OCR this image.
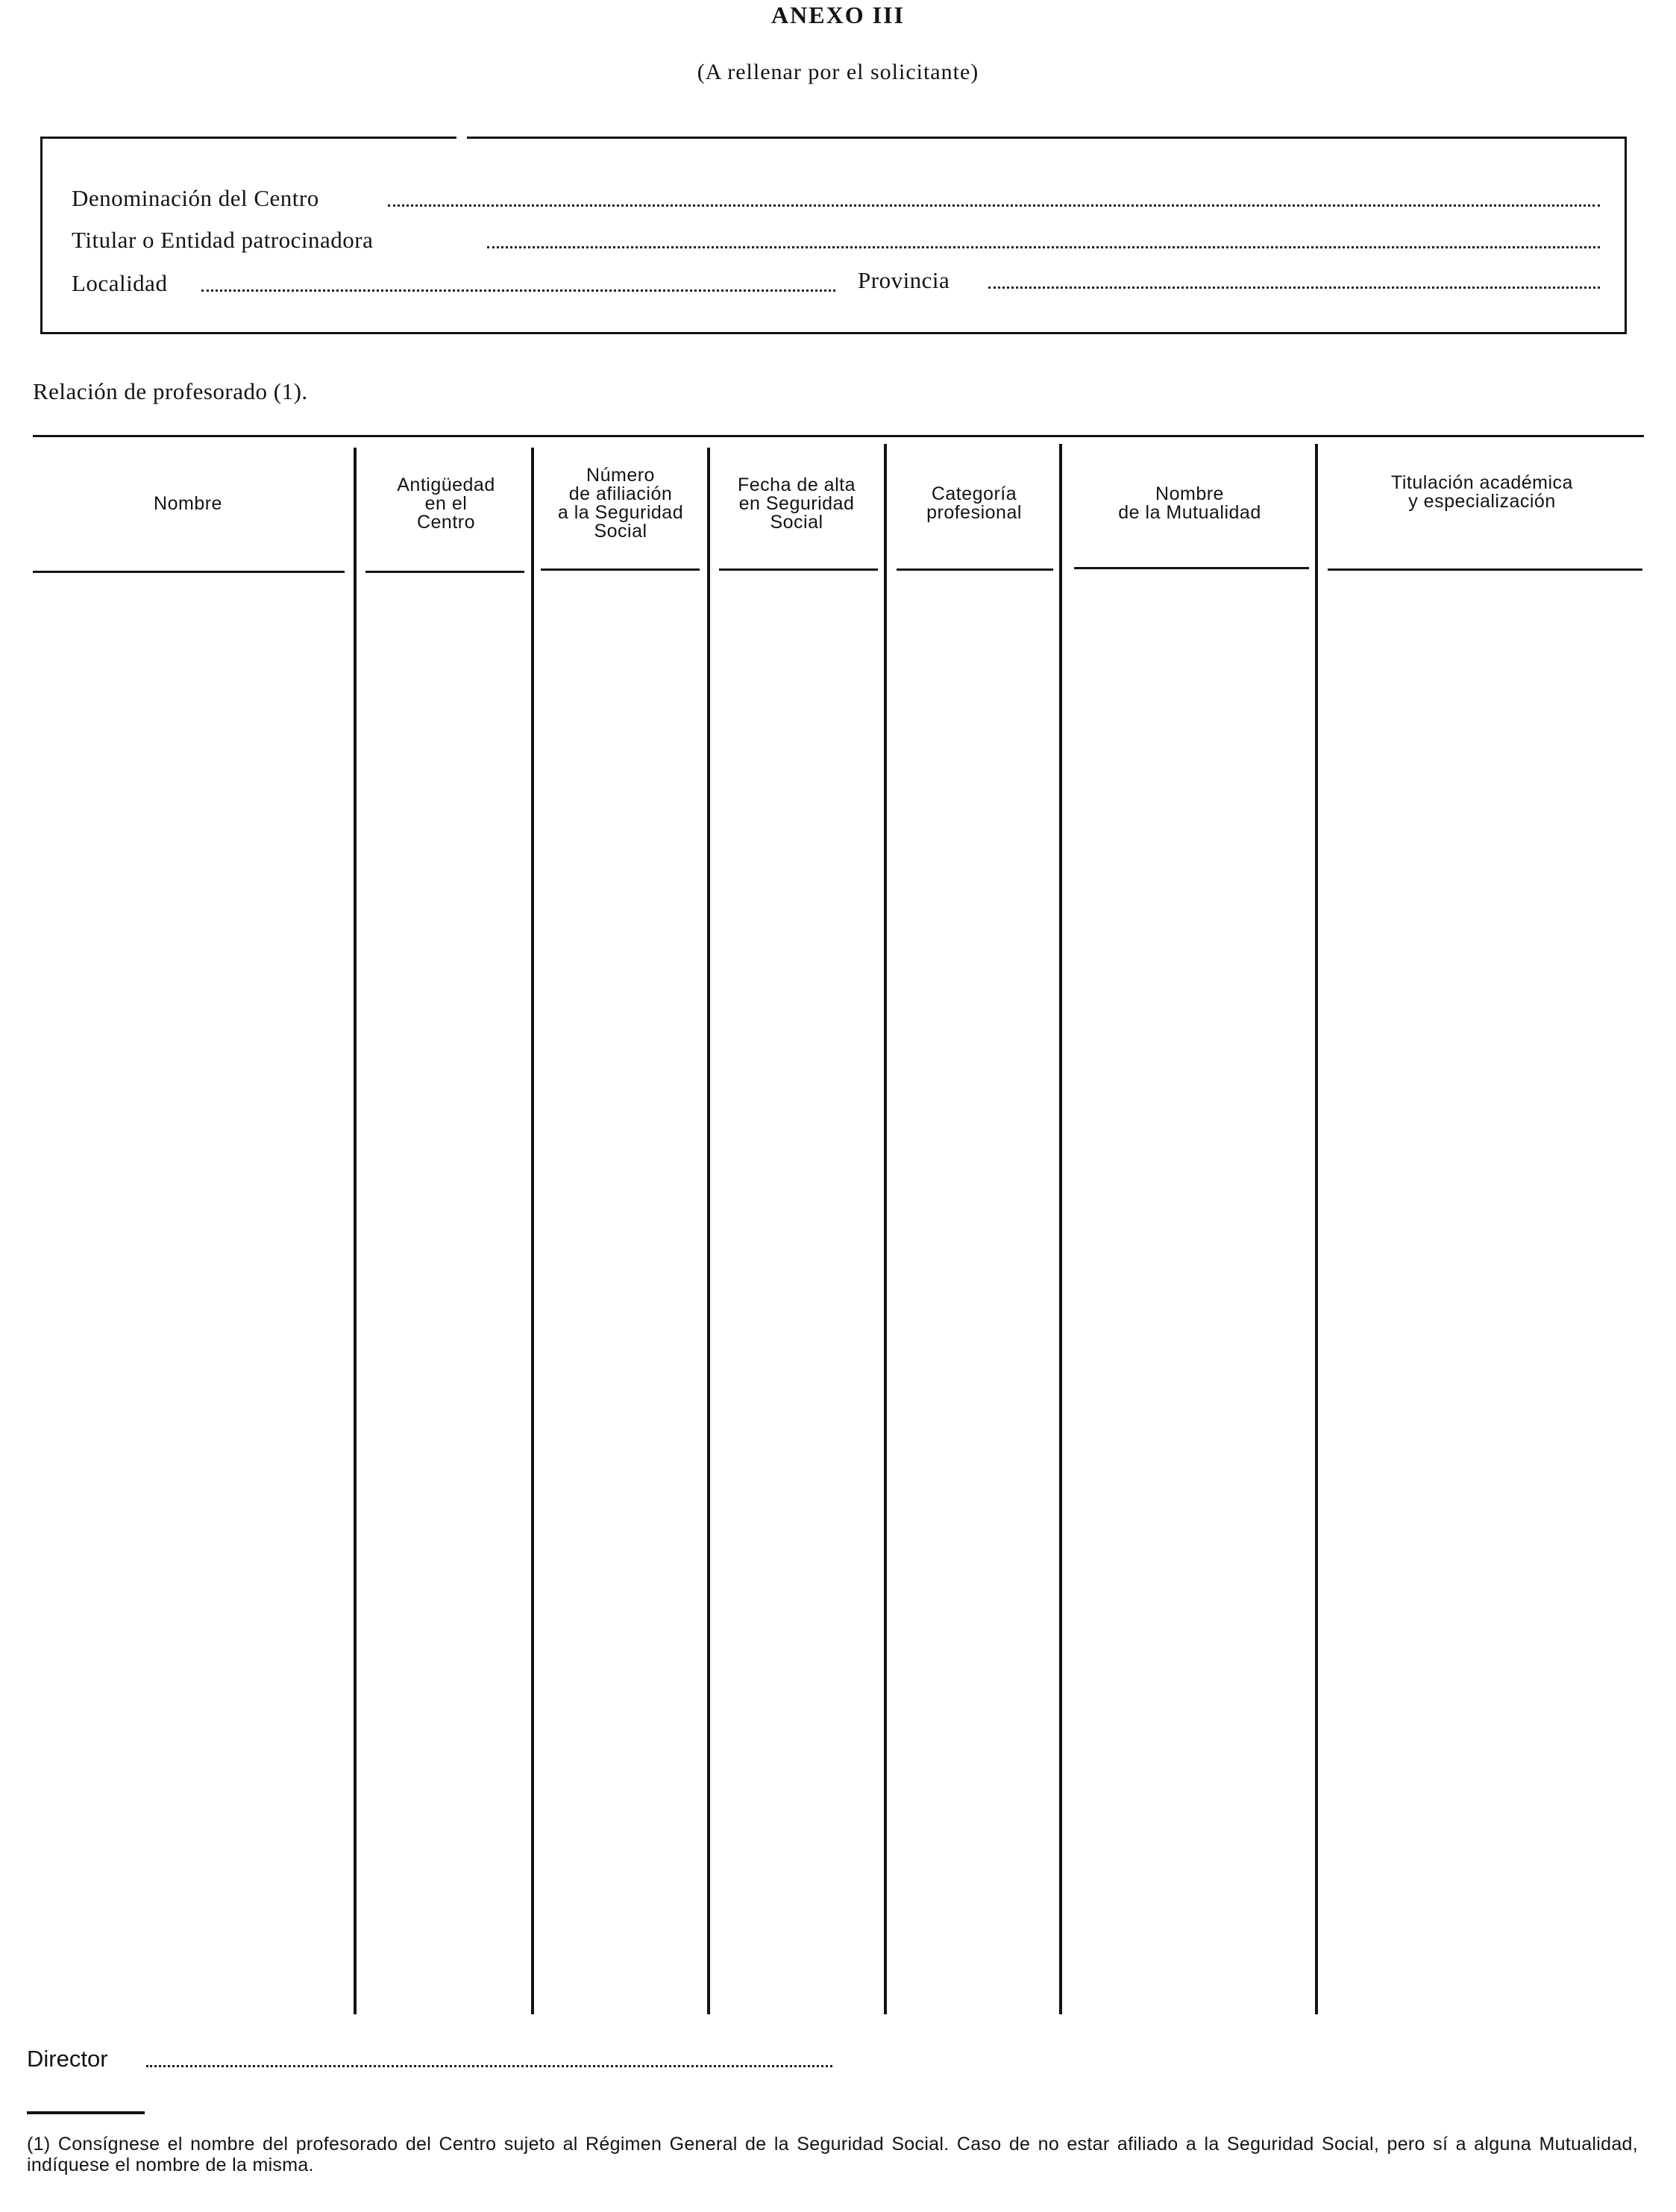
ANEXO III
(A rellenar por el solicitante)
Denominación del Centro
Titular o Entidad patrocinadora
Localidad	Provincia
Relación de profesorado (1).
Nombre
Antigüedad
en el
Centro
Número
de afiliación
a la Seguridad
Social
Fecha de alta
en Seguridad
Social
Categoría
profesional
Nombre
de la Mutualidad
Titulación académica
y especialización
Director
(1) Consígnese el nombre del profesorado del Centro sujeto al Régimen General de la Seguridad Social. Caso de no estar afiliado a la Seguridad Social, pero sí a alguna Mutualidad, indíquese el nombre de la misma.
